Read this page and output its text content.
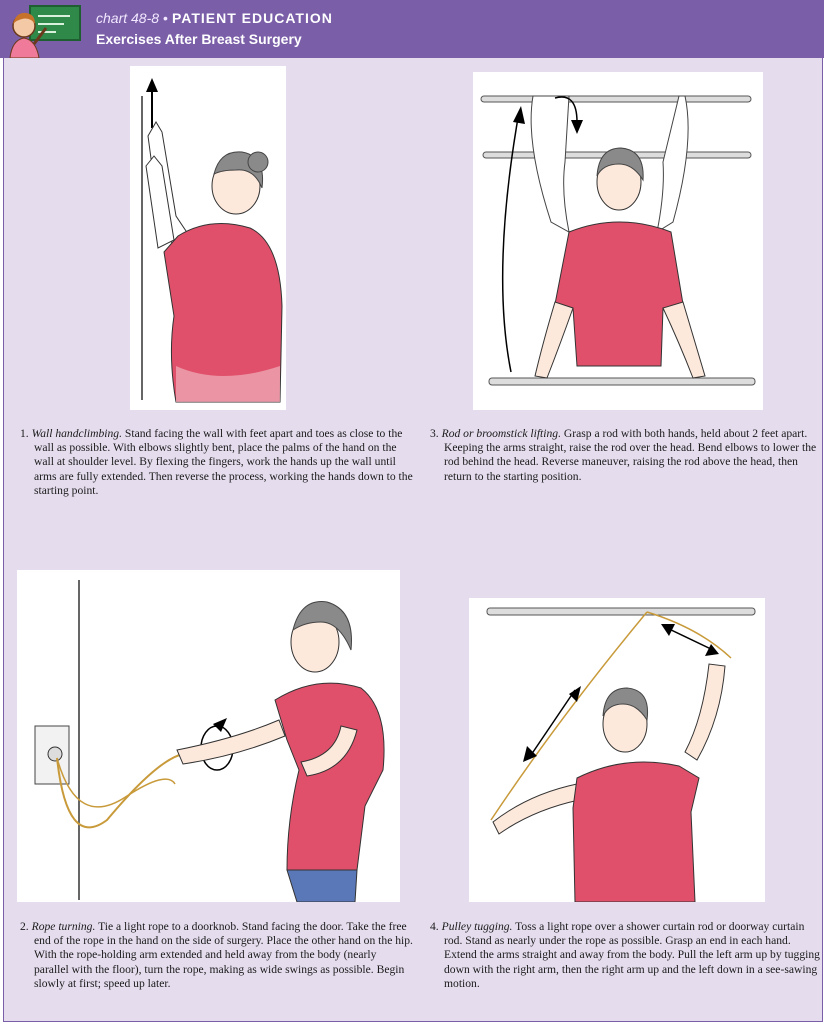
chart 48-8 • PATIENT EDUCATION
Exercises After Breast Surgery
1. Wall handclimbing. Stand facing the wall with feet apart and toes as close to the wall as possible. With elbows slightly bent, place the palms of the hand on the wall at shoulder level. By flexing the fingers, work the hands up the wall until arms are fully extended. Then reverse the process, working the hands down to the starting point.
3. Rod or broomstick lifting. Grasp a rod with both hands, held about 2 feet apart. Keeping the arms straight, raise the rod over the head. Bend elbows to lower the rod behind the head. Reverse maneuver, raising the rod above the head, then return to the starting position.
2. Rope turning. Tie a light rope to a doorknob. Stand facing the door. Take the free end of the rope in the hand on the side of surgery. Place the other hand on the hip. With the rope-holding arm extended and held away from the body (nearly parallel with the floor), turn the rope, making as wide swings as possible. Begin slowly at first; speed up later.
4. Pulley tugging. Toss a light rope over a shower curtain rod or doorway curtain rod. Stand as nearly under the rope as possible. Grasp an end in each hand. Extend the arms straight and away from the body. Pull the left arm up by tugging down with the right arm, then the right arm up and the left down in a see-sawing motion.
